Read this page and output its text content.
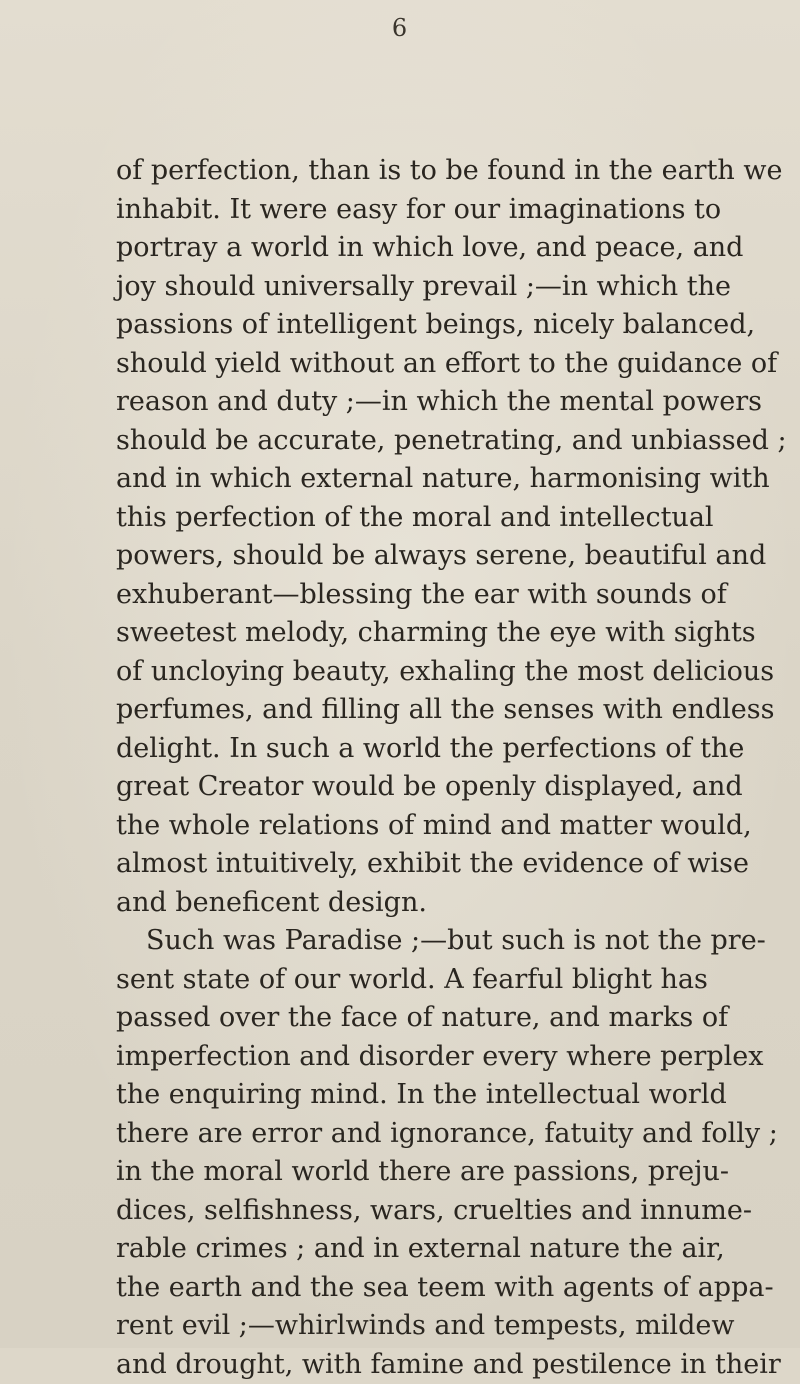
6
of perfection, than is to be found in the earth we
inhabit. It were easy for our imaginations to
portray a world in which love, and peace, and
joy should universally prevail ;—in which the
passions of intelligent beings, nicely balanced,
should yield without an effort to the guidance of
reason and duty ;—in which the mental powers
should be accurate, penetrating, and unbiassed ;
and in which external nature, harmonising with
this perfection of the moral and intellectual
powers, should be always serene, beautiful and
exhuberant—blessing the ear with sounds of
sweetest melody, charming the eye with sights
of uncloying beauty, exhaling the most delicious
perfumes, and filling all the senses with endless
delight. In such a world the perfections of the
great Creator would be openly displayed, and
the whole relations of mind and matter would,
almost intuitively, exhibit the evidence of wise
and beneficent design.
Such was Paradise ;—but such is not the pre-
sent state of our world. A fearful blight has
passed over the face of nature, and marks of
imperfection and disorder every where perplex
the enquiring mind. In the intellectual world
there are error and ignorance, fatuity and folly ;
in the moral world there are passions, preju-
dices, selfishness, wars, cruelties and innume-
rable crimes ; and in external nature the air,
the earth and the sea teem with agents of appa-
rent evil ;—whirlwinds and tempests, mildew
and drought, with famine and pestilence in their
